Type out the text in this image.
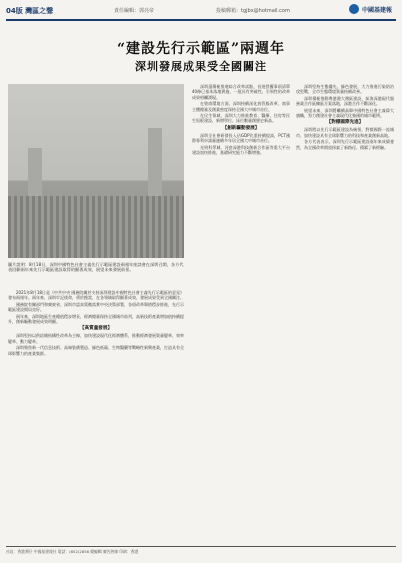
04版 灣區之聲	責任編輯：郭亮帝	投稿郵箱：tgjbx@hotmail.com	中國基建報
“建設先行示範區”兩週年
深圳發展成果受全國關注
圖片說明：8月18日，深圳中國特色社會主義先行示範區建設兩週年座談會在深圳召開，各方代表回顧兩年來先行示範區建設取得的顯著成效，展望未來發展前景。

2021年8月18日是《中共中央 國務院關於支持深圳建設中國特色社會主義先行示範區的意見》發布兩週年。兩年來，深圳牢記使命，勇於擔當，在各領域取得顯著成效，發展成果受到全國關注。

國務院有關部門和廣東省、深圳市認真貫徹落實中央決策部署，各項改革舉措穩步推進，先行示範區建設開局良好。

兩年來，深圳地區生產總值穩步增長，經濟總量保持全國城市前列，高新技術產業增加值持續提升，創新驅動發展成效明顯。

【高質量發展】

深圳堅持以供給側結構性改革為主線，加快建設現代化經濟體系，推動經濟發展質量變革、效率變革、動力變革。

深圳聚焦新一代信息技術、高端裝備製造、綠色低碳、生物醫藥等戰略性新興產業，打造具有全球影響力的產業集群。

深圳還積極推進綜合改革試點，首批授權事項清單40條已基本落地實施，一批具有突破性、引領性的改革成果相繼湧現。

在營商環境方面，深圳持續深化放管服改革，商事主體總量及創業密度保持全國大中城市首位。

在民生領域，深圳大力推進教育、醫療、住房等民生短板建設，新增學位、床位數量創歷史新高。

【創新驅動發展】

深圳全社會研發投入佔GDP比重持續提高，PCT國際專利申請量連續多年居全國大中城市首位。

光明科學城、河套深港科技創新合作區等重大平台建設加快推進，基礎研究能力不斷增強。

深圳堅持生態優先、綠色發展，大力推進污染防治攻堅戰，全市生態環境質量持續改善。

深圳積極推動粵港澳大灣區建設，前海深港現代服務業合作區擴區方案落地，深港合作不斷深化。

展望未來，深圳將繼續高舉中國特色社會主義偉大旗幟，努力創建社會主義現代化強國的城市範例。

【對標國際先進】

深圳將以先行示範區建設為統領，對標國際一流城市，加快建設具有全球影響力的科技和產業創新高地。

各方代表表示，深圳先行示範區建設兩年來成績斐然，為全國改革開放探索了新路徑、積累了新經驗。

社址：香港灣仔 中國基建報社 電話：(852)2858 總編輯 廣告熱線 印刷：香港
